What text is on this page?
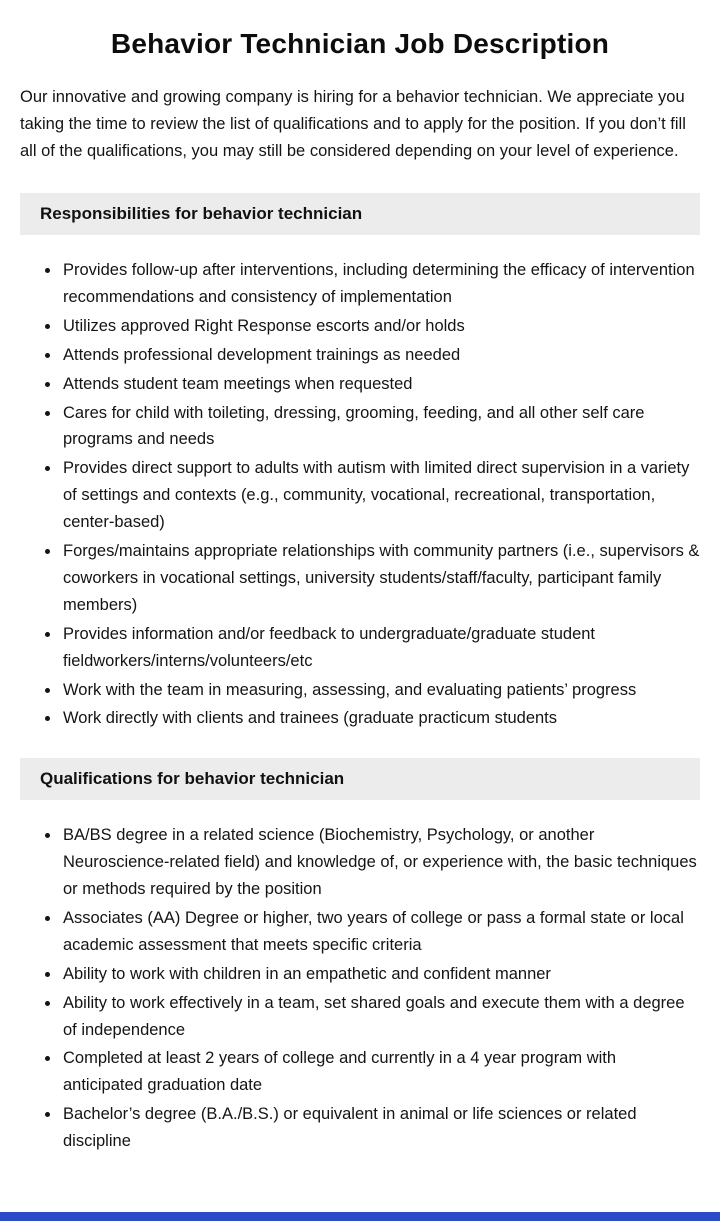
Behavior Technician Job Description

Our innovative and growing company is hiring for a behavior technician. We appreciate you taking the time to review the list of qualifications and to apply for the position. If you don’t fill all of the qualifications, you may still be considered depending on your level of experience.

Responsibilities for behavior technician
• Provides follow-up after interventions, including determining the efficacy of intervention recommendations and consistency of implementation
• Utilizes approved Right Response escorts and/or holds
• Attends professional development trainings as needed
• Attends student team meetings when requested
• Cares for child with toileting, dressing, grooming, feeding, and all other self care programs and needs
• Provides direct support to adults with autism with limited direct supervision in a variety of settings and contexts (e.g., community, vocational, recreational, transportation, center-based)
• Forges/maintains appropriate relationships with community partners (i.e., supervisors & coworkers in vocational settings, university students/staff/faculty, participant family members)
• Provides information and/or feedback to undergraduate/graduate student fieldworkers/interns/volunteers/etc
• Work with the team in measuring, assessing, and evaluating patients’ progress
• Work directly with clients and trainees (graduate practicum students
Qualifications for behavior technician
• BA/BS degree in a related science (Biochemistry, Psychology, or another Neuroscience-related field) and knowledge of, or experience with, the basic techniques or methods required by the position
• Associates (AA) Degree or higher, two years of college or pass a formal state or local academic assessment that meets specific criteria
• Ability to work with children in an empathetic and confident manner
• Ability to work effectively in a team, set shared goals and execute them with a degree of independence
• Completed at least 2 years of college and currently in a 4 year program with anticipated graduation date
• Bachelor’s degree (B.A./B.S.) or equivalent in animal or life sciences or related discipline
